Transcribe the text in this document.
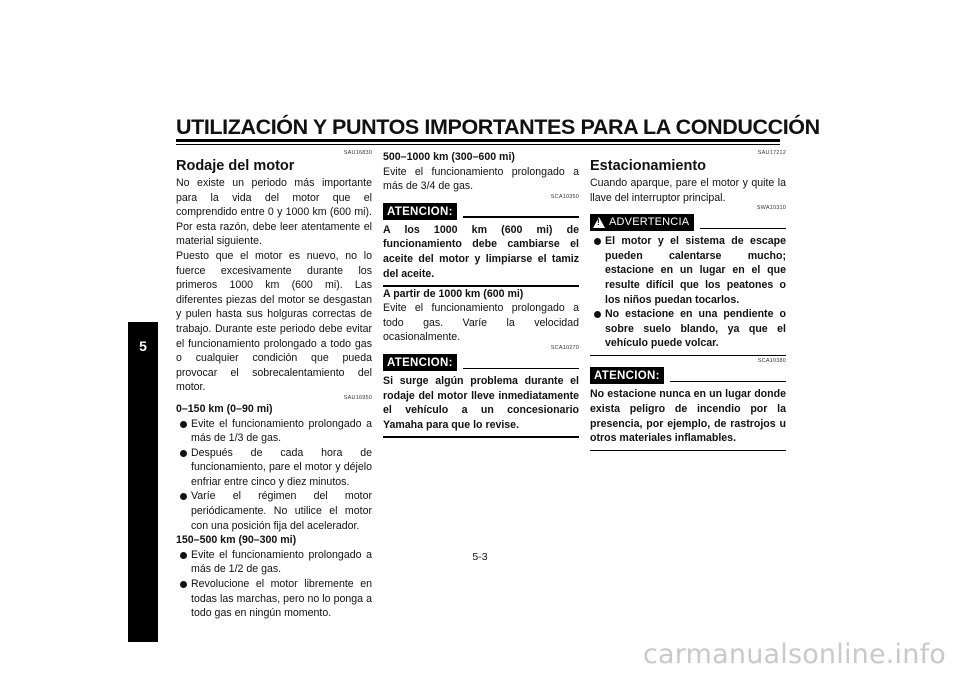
UTILIZACIÓN Y PUNTOS IMPORTANTES PARA LA CONDUCCIÓN
5
SAU16830
Rodaje del motor

No existe un periodo más importante para la vida del motor que el comprendido entre 0 y 1000 km (600 mi). Por esta razón, debe leer atentamente el material siguiente.

Puesto que el motor es nuevo, no lo fuerce excesivamente durante los primeros 1000 km (600 mi). Las diferentes piezas del motor se desgastan y pulen hasta sus holguras correctas de trabajo. Durante este periodo debe evitar el funcionamiento prolongado a todo gas o cualquier condición que pueda provocar el sobrecalentamiento del motor.

SAU16950

0–150 km (0–90 mi)

Evite el funcionamiento prolongado a más de 1/3 de gas.

Después de cada hora de funcionamiento, pare el motor y déjelo enfriar entre cinco y diez minutos.

Varíe el régimen del motor periódicamente. No utilice el motor con una posición fija del acelerador.

150–500 km (90–300 mi)

Evite el funcionamiento prolongado a más de 1/2 de gas.

Revolucione el motor libremente en todas las marchas, pero no lo ponga a todo gas en ningún momento.

500–1000 km (300–600 mi)

Evite el funcionamiento prolongado a más de 3/4 de gas.

SCA10350
ATENCION:

A los 1000 km (600 mi) de funcionamiento debe cambiarse el aceite del motor y limpiarse el tamiz del aceite.

A partir de 1000 km (600 mi)

Evite el funcionamiento prolongado a todo gas. Varíe la velocidad ocasionalmente.

SCA10270
ATENCION:

Si surge algún problema durante el rodaje del motor lleve inmediatamente el vehículo a un concesionario Yamaha para que lo revise.

SAU17212
Estacionamiento

Cuando aparque, pare el motor y quite la llave del interruptor principal.

SWA10310
!
ADVERTENCIA

El motor y el sistema de escape pueden calentarse mucho; estacione en un lugar en el que resulte difícil que los peatones o los niños puedan tocarlos.

No estacione en una pendiente o sobre suelo blando, ya que el vehículo puede volcar.

SCA10380
ATENCION:

No estacione nunca en un lugar donde exista peligro de incendio por la presencia, por ejemplo, de rastrojos u otros materiales inflamables.

5-3
carmanualsonline.info
